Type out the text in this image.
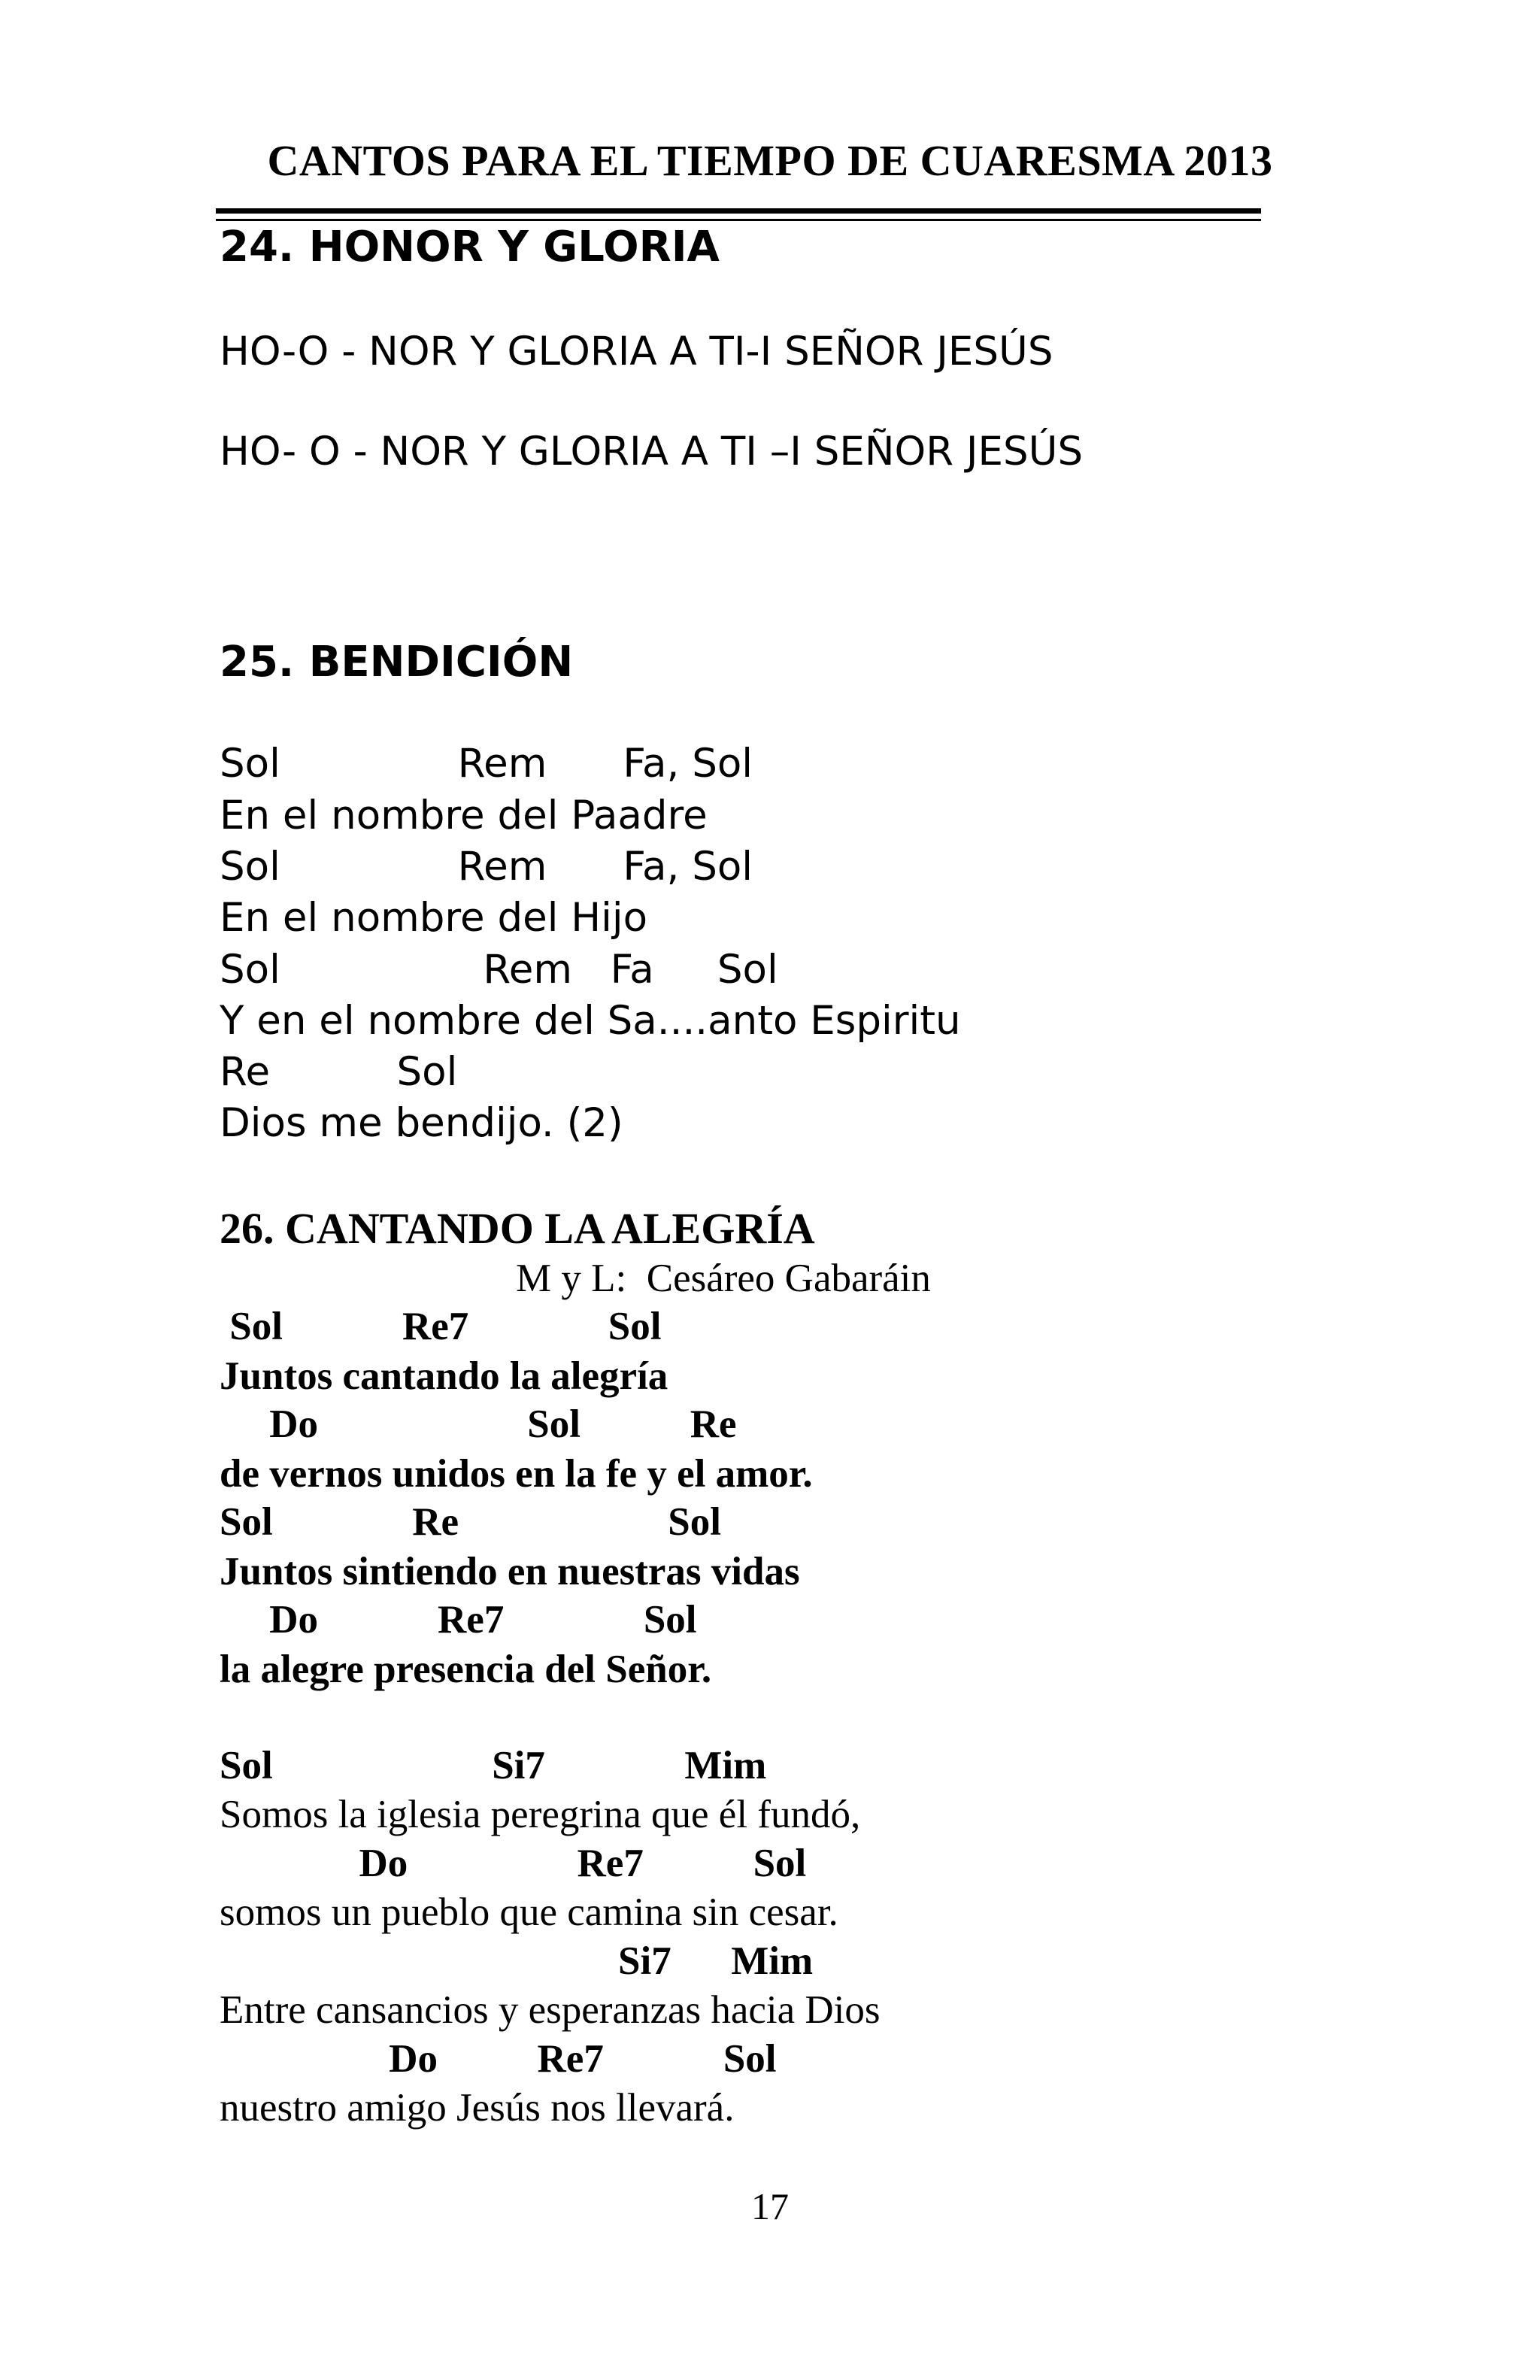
CANTOS PARA EL TIEMPO DE CUARESMA 2013
24. HONOR Y GLORIA
HO-O - NOR Y GLORIA A TI-I SEÑOR JESÚS
HO- O - NOR Y GLORIA A TI –I SEÑOR JESÚS
25. BENDICIÓN
Sol              Rem      Fa, Sol
En el nombre del Paadre
Sol              Rem      Fa, Sol
En el nombre del Hijo
Sol                Rem   Fa     Sol
Y en el nombre del Sa....anto Espiritu
Re          Sol
Dios me bendijo. (2)
26. CANTANDO LA ALEGRÍA
M y L:  Cesáreo Gabaráin
Sol            Re7              Sol
Juntos cantando la alegría
Do                     Sol           Re
de vernos unidos en la fe y el amor.
Sol              Re                     Sol
Juntos sintiendo en nuestras vidas
Do            Re7              Sol
la alegre presencia del Señor.
Sol                      Si7              Mim
Somos la iglesia peregrina que él fundó,
Do                 Re7           Sol
somos un pueblo que camina sin cesar.
Si7      Mim
Entre cansancios y esperanzas hacia Dios
Do          Re7            Sol
nuestro amigo Jesús nos llevará.
17
